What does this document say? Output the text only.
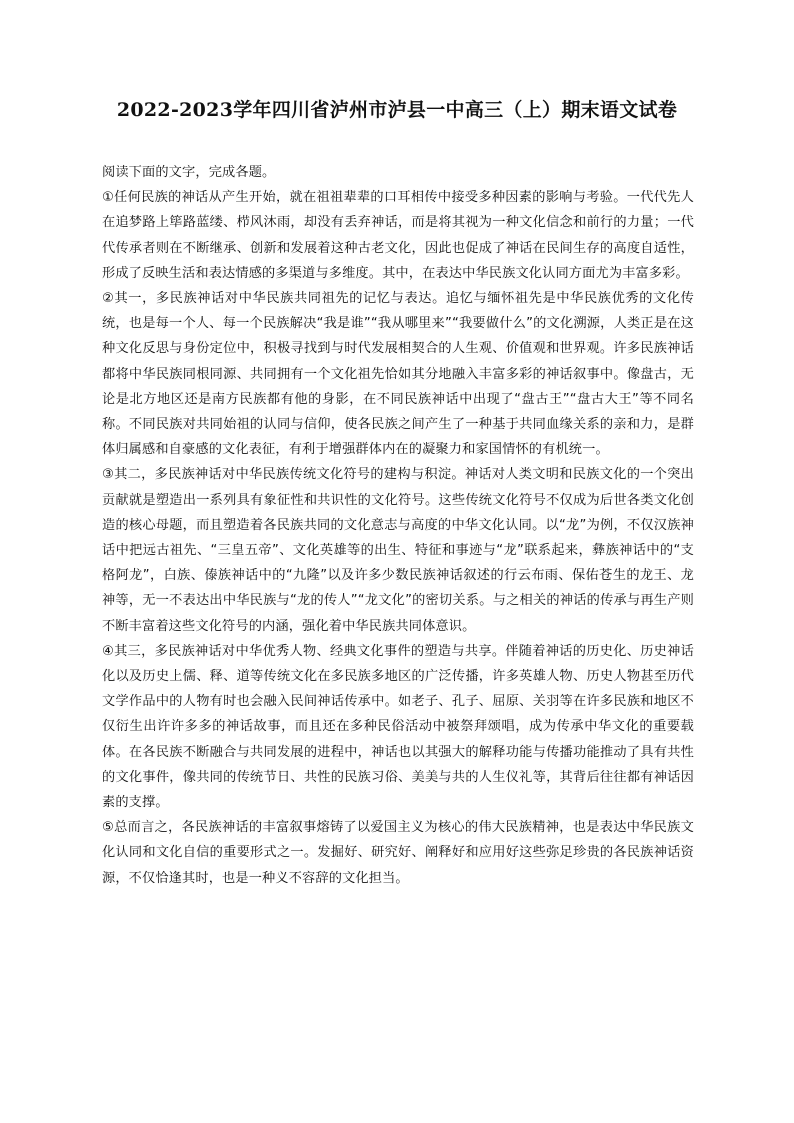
2022-2023学年四川省泸州市泸县一中高三（上）期末语文试卷

阅读下面的文字，完成各题。

①任何民族的神话从产生开始，就在祖祖辈辈的口耳相传中接受多种因素的影响与考验。一代代先人在追梦路上筚路蓝缕、栉风沐雨，却没有丢弃神话，而是将其视为一种文化信念和前行的力量；一代代传承者则在不断继承、创新和发展着这种古老文化，因此也促成了神话在民间生存的高度自适性，形成了反映生活和表达情感的多渠道与多维度。其中，在表达中华民族文化认同方面尤为丰富多彩。

②其一，多民族神话对中华民族共同祖先的记忆与表达。追忆与缅怀祖先是中华民族优秀的文化传统，也是每一个人、每一个民族解决“我是谁”“我从哪里来”“我要做什么”的文化溯源，人类正是在这种文化反思与身份定位中，积极寻找到与时代发展相契合的人生观、价值观和世界观。许多民族神话都将中华民族同根同源、共同拥有一个文化祖先恰如其分地融入丰富多彩的神话叙事中。像盘古，无论是北方地区还是南方民族都有他的身影，在不同民族神话中出现了“盘古王”“盘古大王”等不同名称。不同民族对共同始祖的认同与信仰，使各民族之间产生了一种基于共同血缘关系的亲和力，是群体归属感和自豪感的文化表征，有利于增强群体内在的凝聚力和家国情怀的有机统一。

③其二，多民族神话对中华民族传统文化符号的建构与积淀。神话对人类文明和民族文化的一个突出贡献就是塑造出一系列具有象征性和共识性的文化符号。这些传统文化符号不仅成为后世各类文化创造的核心母题，而且塑造着各民族共同的文化意志与高度的中华文化认同。以“龙”为例，不仅汉族神话中把远古祖先、“三皇五帝”、文化英雄等的出生、特征和事迹与“龙”联系起来，彝族神话中的“支格阿龙”，白族、傣族神话中的“九隆”以及许多少数民族神话叙述的行云布雨、保佑苍生的龙王、龙神等，无一不表达出中华民族与“龙的传人”“龙文化”的密切关系。与之相关的神话的传承与再生产则不断丰富着这些文化符号的内涵，强化着中华民族共同体意识。

④其三，多民族神话对中华优秀人物、经典文化事件的塑造与共享。伴随着神话的历史化、历史神话化以及历史上儒、释、道等传统文化在多民族多地区的广泛传播，许多英雄人物、历史人物甚至历代文学作品中的人物有时也会融入民间神话传承中。如老子、孔子、屈原、关羽等在许多民族和地区不仅衍生出许许多多的神话故事，而且还在多种民俗活动中被祭拜颂唱，成为传承中华文化的重要载体。在各民族不断融合与共同发展的进程中，神话也以其强大的解释功能与传播功能推动了具有共性的文化事件，像共同的传统节日、共性的民族习俗、美美与共的人生仪礼等，其背后往往都有神话因素的支撑。

⑤总而言之，各民族神话的丰富叙事熔铸了以爱国主义为核心的伟大民族精神，也是表达中华民族文化认同和文化自信的重要形式之一。发掘好、研究好、阐释好和应用好这些弥足珍贵的各民族神话资源，不仅恰逢其时，也是一种义不容辞的文化担当。
